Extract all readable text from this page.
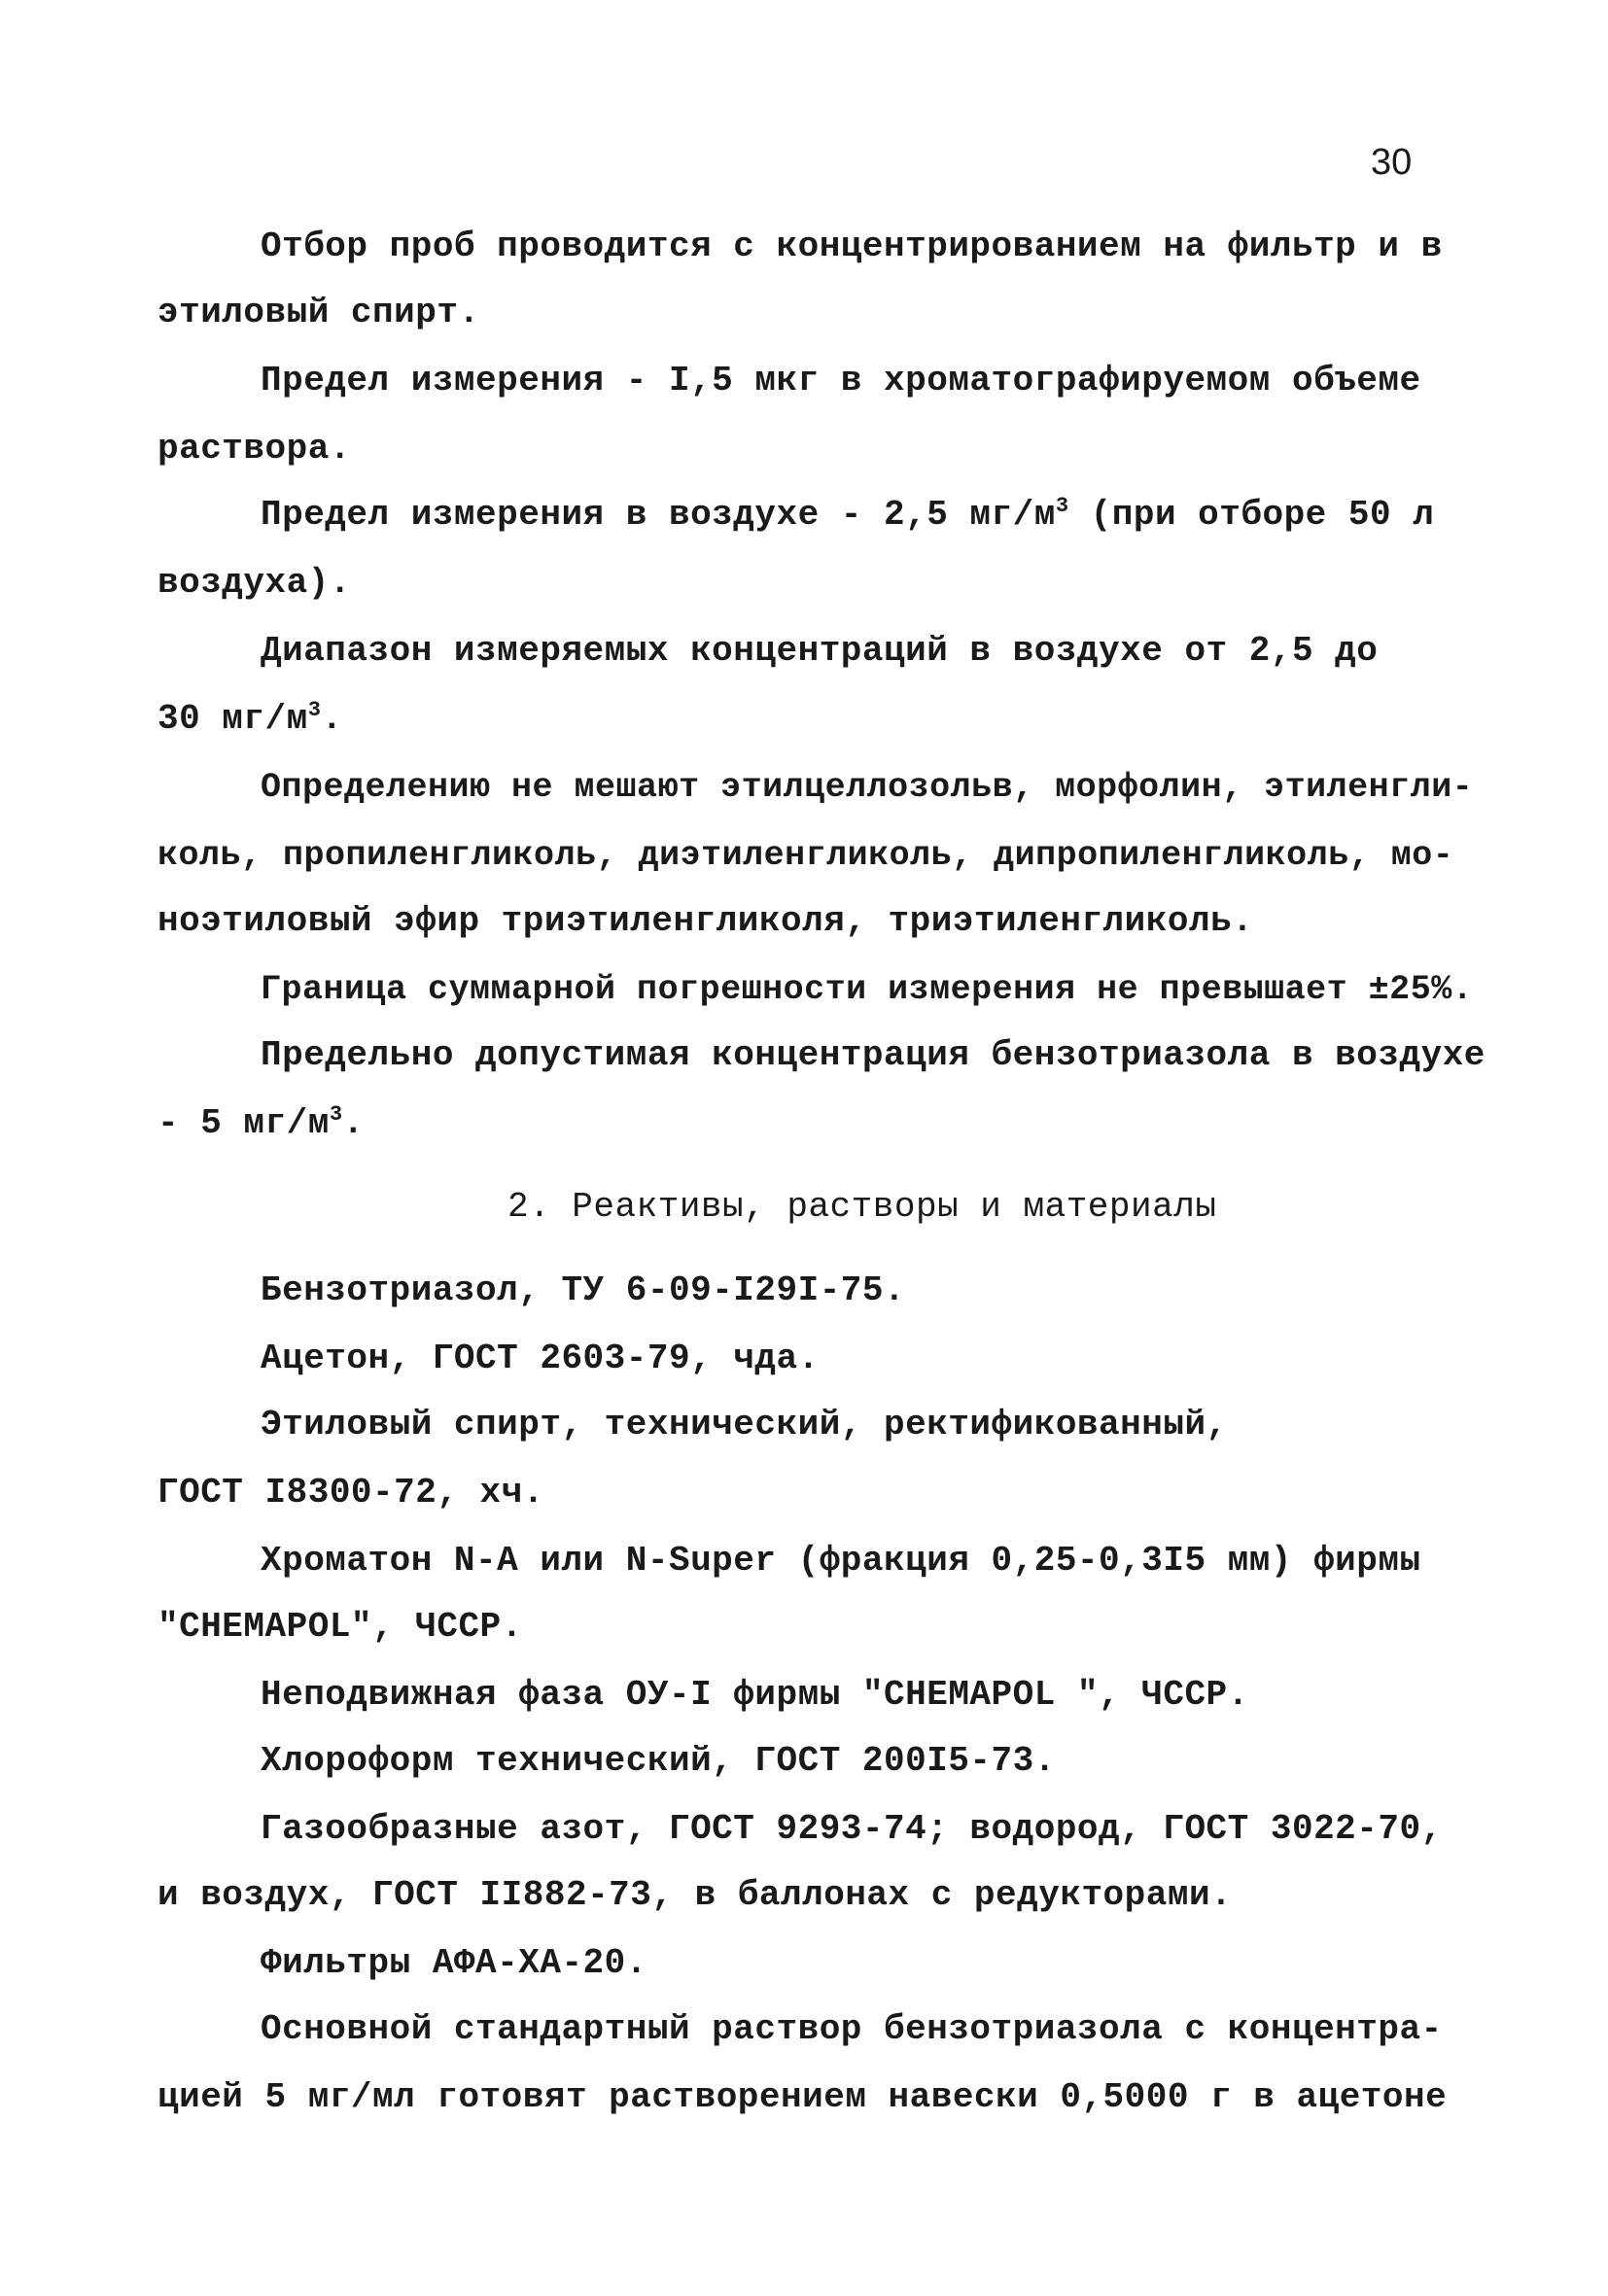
30
Отбор проб проводится с концентрированием на фильтр и в
этиловый спирт.
Предел измерения - I,5 мкг в хроматографируемом объеме
раствора.
Предел измерения в воздухе - 2,5 $мг/м^3$ (при отборе 50 л
воздуха).
Диапазон измеряемых концентраций в воздухе от 2,5 до
30 $мг/м^3$.
Определению не мешают этилцеллозольв, морфолин, этиленгли-
коль, пропиленгликоль, диэтиленгликоль, дипропиленгликоль, мо-
ноэтиловый эфир триэтиленгликоля, триэтиленгликоль.
Граница суммарной погрешности измерения не превышает ±25%.
Предельно допустимая концентрация бензотриазола в воздухе
- 5 $мг/м^3$.
2. Реактивы, растворы и материалы
Бензотриазол, ТУ 6-09-I29I-75.
Ацетон, ГОСТ 2603-79, чда.
Этиловый спирт, технический, ректификованный,
ГОСТ I8300-72, хч.
Хроматон N-А или N-Super (фракция 0,25-0,3I5 мм) фирмы
"CHEMAPOL", ЧССР.
Неподвижная фаза ОУ-I фирмы "CHEMAPOL ", ЧССР.
Хлороформ технический, ГОСТ 200I5-73.
Газообразные азот, ГОСТ 9293-74; водород, ГОСТ 3022-70,
и воздух, ГОСТ II882-73, в баллонах с редукторами.
Фильтры АФА-ХА-20.
Основной стандартный раствор бензотриазола с концентра-
цией 5 мг/мл готовят растворением навески 0,5000 г в ацетоне
